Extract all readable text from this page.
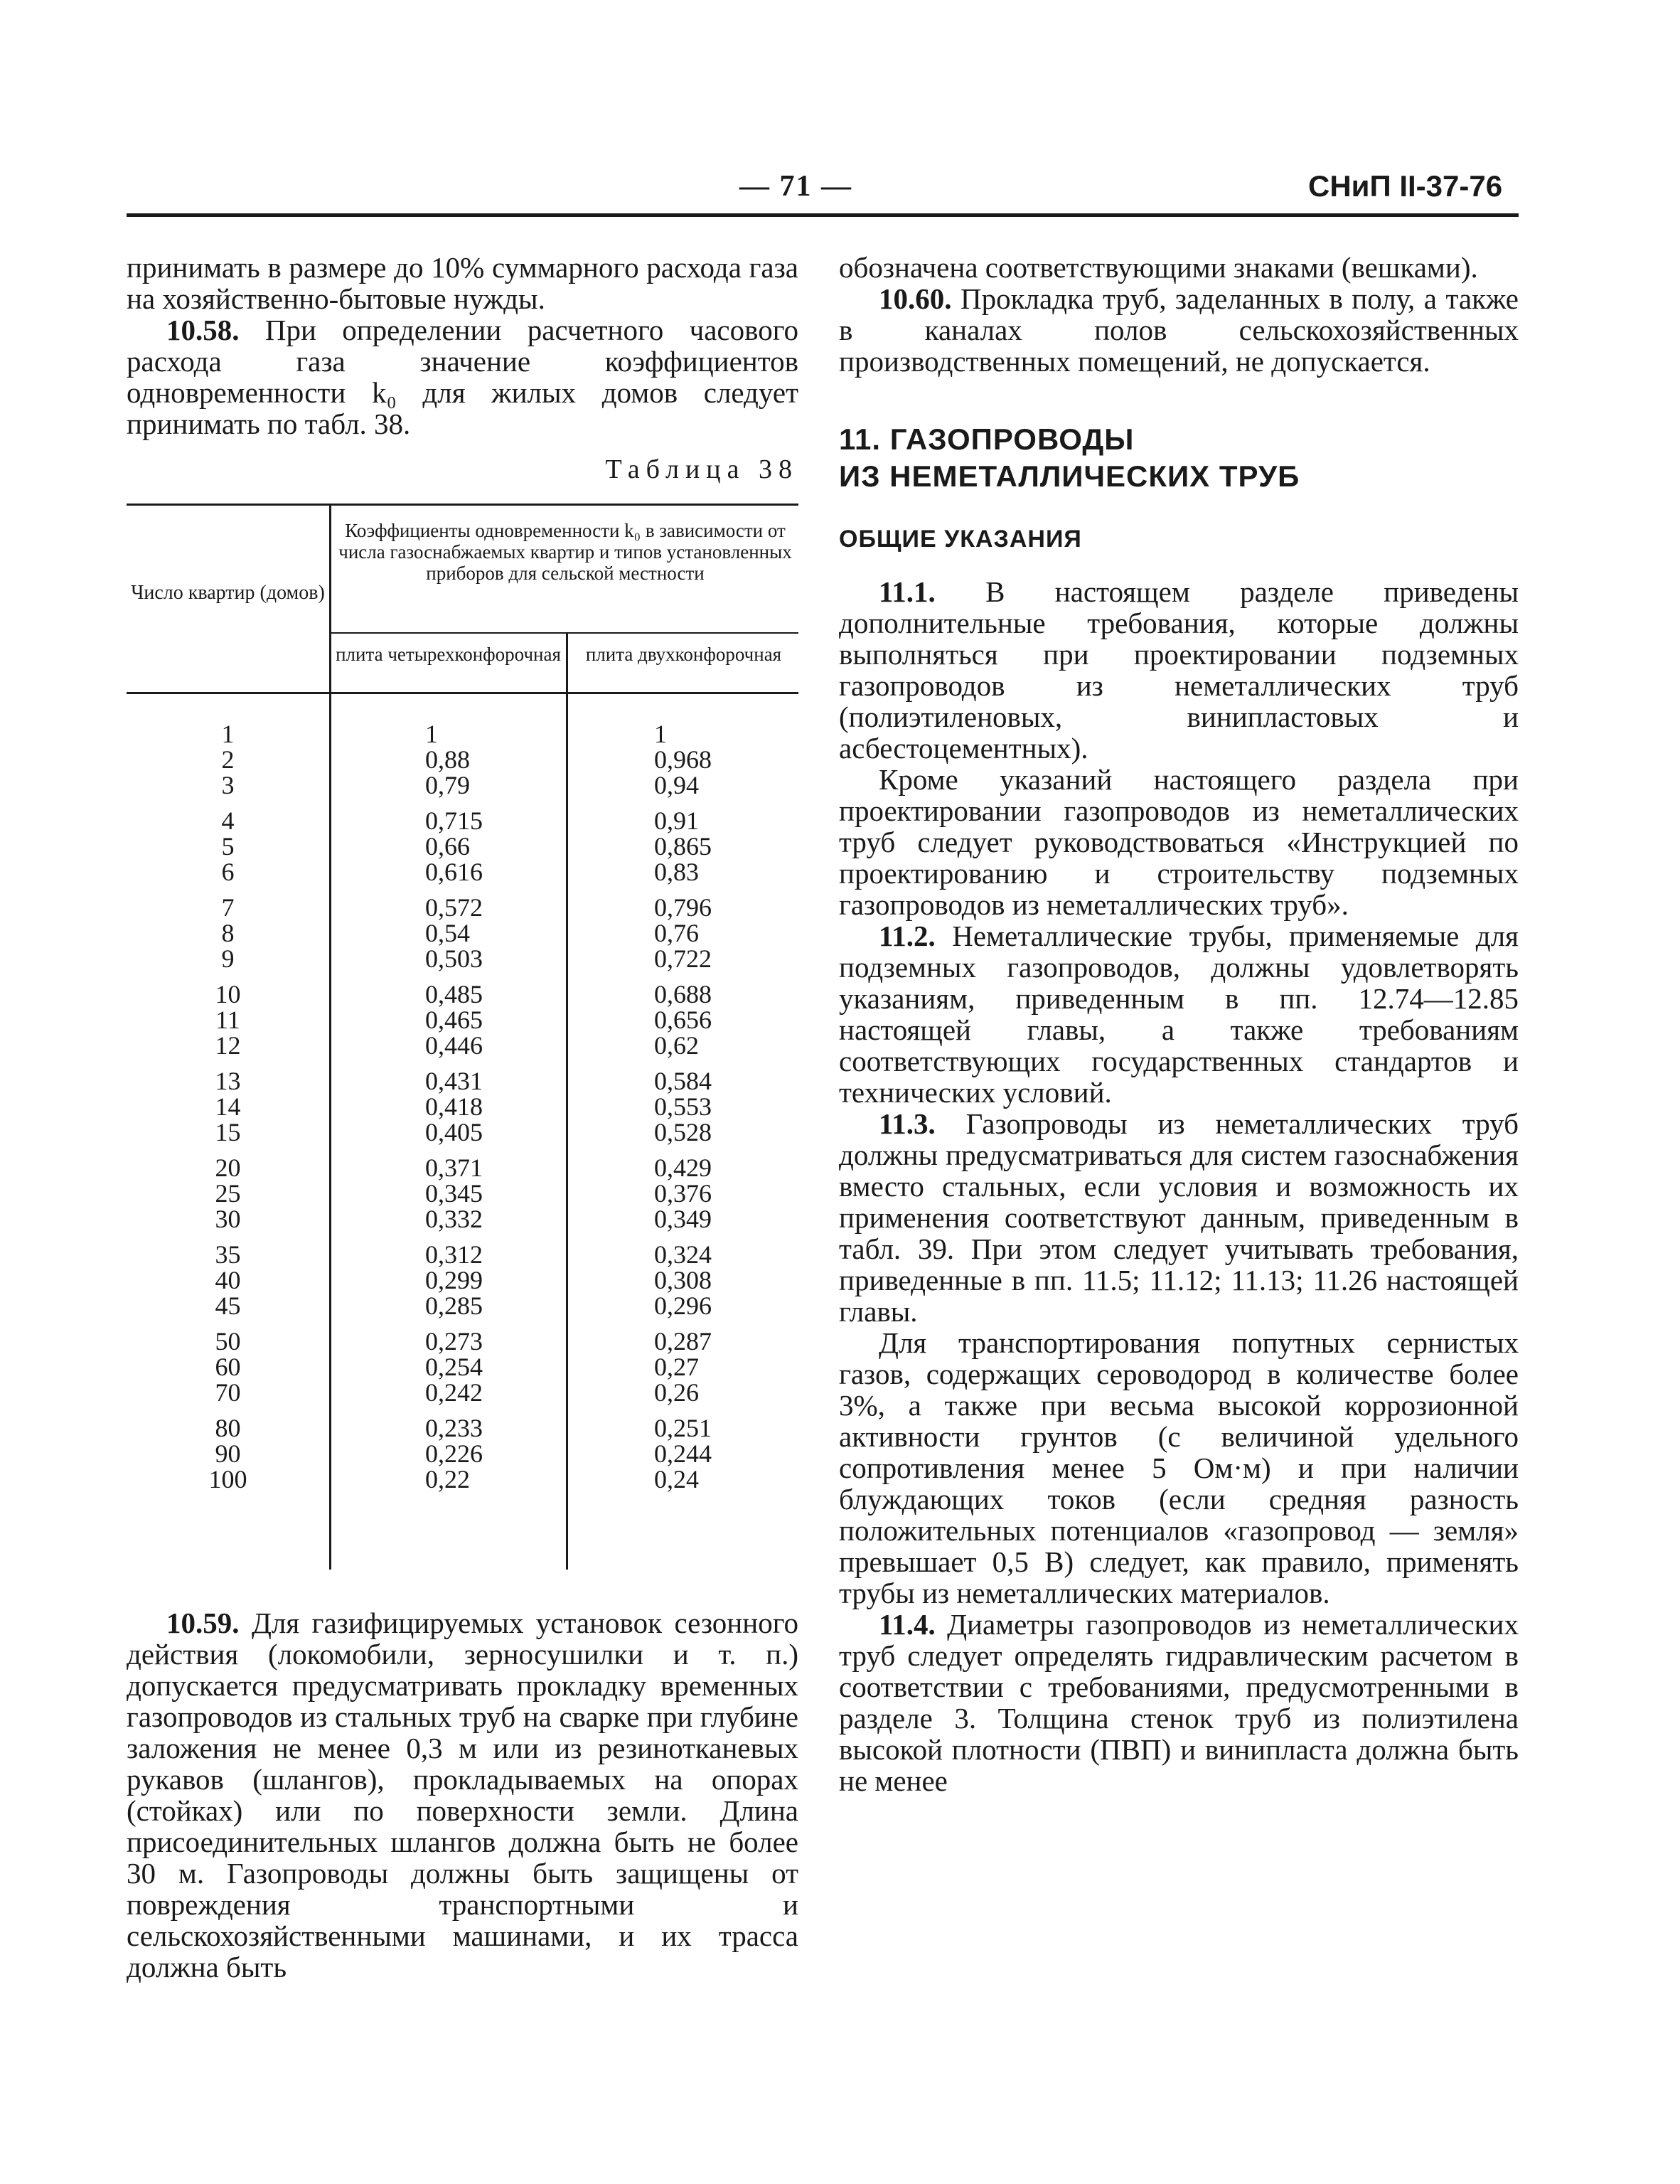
— 71 —	СНиП II-37-76

принимать в размере до 10% суммарного расхода газа на хозяйственно-бытовые нужды.

10.58. При определении расчетного часового расхода газа значение коэффициентов одновременности k₀ для жилых домов следует принимать по табл. 38.

Таблица 38
Число квартир (домов)
Коэффициенты одновременности k₀ в зависимости от числа газоснабжаемых квартир и типов установленных приборов для сельской местности
плита четырехконфорочная	плита двухконфорочная
1	1	1
2	0,88	0,968
3	0,79	0,94
4	0,715	0,91
5	0,66	0,865
6	0,616	0,83
7	0,572	0,796
8	0,54	0,76
9	0,503	0,722
10	0,485	0,688
11	0,465	0,656
12	0,446	0,62
13	0,431	0,584
14	0,418	0,553
15	0,405	0,528
20	0,371	0,429
25	0,345	0,376
30	0,332	0,349
35	0,312	0,324
40	0,299	0,308
45	0,285	0,296
50	0,273	0,287
60	0,254	0,27
70	0,242	0,26
80	0,233	0,251
90	0,226	0,244
100	0,22	0,24

10.59. Для газифицируемых установок сезонного действия (локомобили, зерносушилки и т. п.) допускается предусматривать прокладку временных газопроводов из стальных труб на сварке при глубине заложения не менее 0,3 м или из резинотканевых рукавов (шлангов), прокладываемых на опорах (стойках) или по поверхности земли. Длина присоединительных шлангов должна быть не более 30 м. Газопроводы должны быть защищены от повреждения транспортными и сельскохозяйственными машинами, и их трасса должна быть

обозначена соответствующими знаками (вешками).

10.60. Прокладка труб, заделанных в полу, а также в каналах полов сельскохозяйственных производственных помещений, не допускается.

11. ГАЗОПРОВОДЫ
ИЗ НЕМЕТАЛЛИЧЕСКИХ ТРУБ
ОБЩИЕ УКАЗАНИЯ

11.1. В настоящем разделе приведены дополнительные требования, которые должны выполняться при проектировании подземных газопроводов из неметаллических труб (полиэтиленовых, винипластовых и асбестоцементных).

Кроме указаний настоящего раздела при проектировании газопроводов из неметаллических труб следует руководствоваться «Инструкцией по проектированию и строительству подземных газопроводов из неметаллических труб».

11.2. Неметаллические трубы, применяемые для подземных газопроводов, должны удовлетворять указаниям, приведенным в пп. 12.74—12.85 настоящей главы, а также требованиям соответствующих государственных стандартов и технических условий.

11.3. Газопроводы из неметаллических труб должны предусматриваться для систем газоснабжения вместо стальных, если условия и возможность их применения соответствуют данным, приведенным в табл. 39. При этом следует учитывать требования, приведенные в пп. 11.5; 11.12; 11.13; 11.26 настоящей главы.

Для транспортирования попутных сернистых газов, содержащих сероводород в количестве более 3%, а также при весьма высокой коррозионной активности грунтов (с величиной удельного сопротивления менее 5 Ом·м) и при наличии блуждающих токов (если средняя разность положительных потенциалов «газопровод — земля» превышает 0,5 В) следует, как правило, применять трубы из неметаллических материалов.

11.4. Диаметры газопроводов из неметаллических труб следует определять гидравлическим расчетом в соответствии с требованиями, предусмотренными в разделе 3. Толщина стенок труб из полиэтилена высокой плотности (ПВП) и винипласта должна быть не менее
